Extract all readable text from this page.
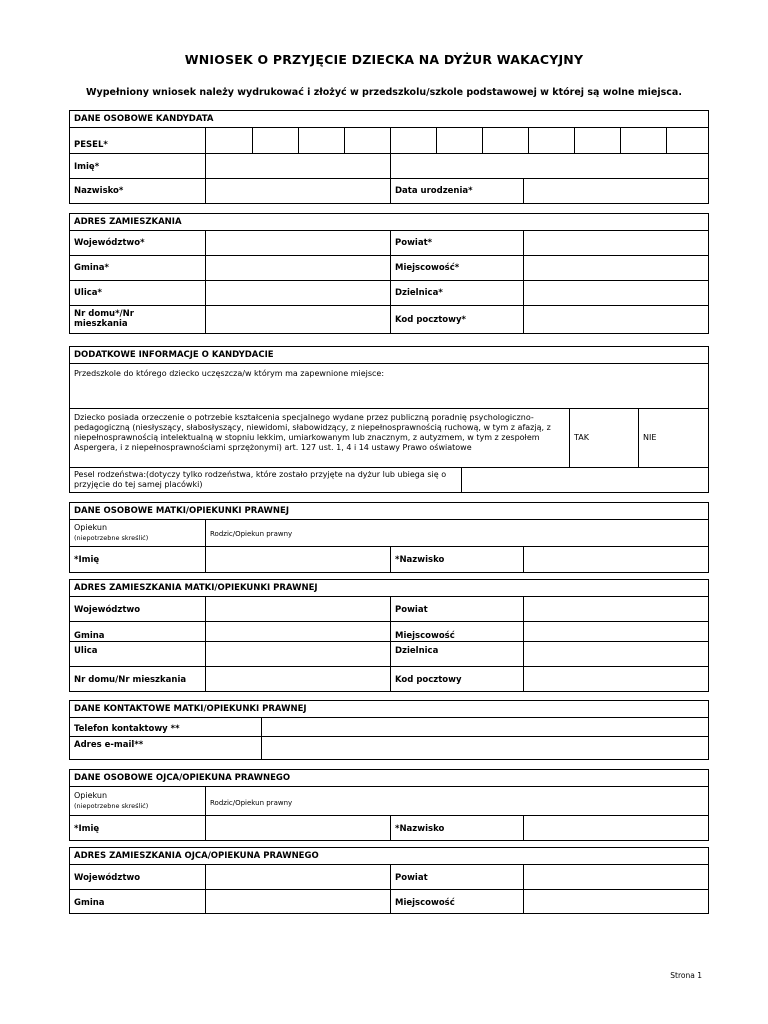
WNIOSEK O PRZYJĘCIE DZIECKA NA DYŻUR WAKACYJNY
Wypełniony wniosek należy wydrukować i złożyć w przedszkolu/szkole podstawowej w której są wolne miejsca.
DANE OSOBOWE KANDYDATA
PESEL*
Imię*
Nazwisko*	Data urodzenia*
ADRES ZAMIESZKANIA
Województwo*	Powiat*
Gmina*	Miejscowość*
Ulica*	Dzielnica*
Nr domu*/Nr mieszkania	Kod pocztowy*
DODATKOWE INFORMACJE O KANDYDACIE
Przedszkole do którego dziecko uczęszcza/w którym ma zapewnione miejsce:
Dziecko posiada orzeczenie o potrzebie kształcenia specjalnego wydane przez publiczną poradnię psychologiczno-pedagogiczną (niesłyszący, słabosłyszący, niewidomi, słabowidzący, z niepełnosprawnością ruchową, w tym z afazją, z niepełnosprawnością intelektualną w stopniu lekkim, umiarkowanym lub znacznym, z autyzmem, w tym z zespołem Aspergera, i z niepełnosprawnościami sprzężonymi) art. 127 ust. 1, 4 i 14 ustawy Prawo oświatowe
TAK	NIE
Pesel rodzeństwa:(dotyczy tylko rodzeństwa, które zostało przyjęte na dyżur lub ubiega się o przyjęcie do tej samej placówki)
DANE OSOBOWE MATKI/OPIEKUNKI PRAWNEJ
Opiekun
(niepotrzebne skreślić)	Rodzic/Opiekun prawny
*Imię	*Nazwisko
ADRES ZAMIESZKANIA MATKI/OPIEKUNKI PRAWNEJ
Województwo	Powiat
Gmina	Miejscowość
Ulica	Dzielnica
Nr domu/Nr mieszkania	Kod pocztowy
DANE KONTAKTOWE MATKI/OPIEKUNKI PRAWNEJ
Telefon kontaktowy **
Adres e-mail**
DANE OSOBOWE OJCA/OPIEKUNA PRAWNEGO
Opiekun
(niepotrzebne skreślić)	Rodzic/Opiekun prawny
*Imię	*Nazwisko
ADRES ZAMIESZKANIA OJCA/OPIEKUNA PRAWNEGO
Województwo	Powiat
Gmina	Miejscowość
Strona 1
